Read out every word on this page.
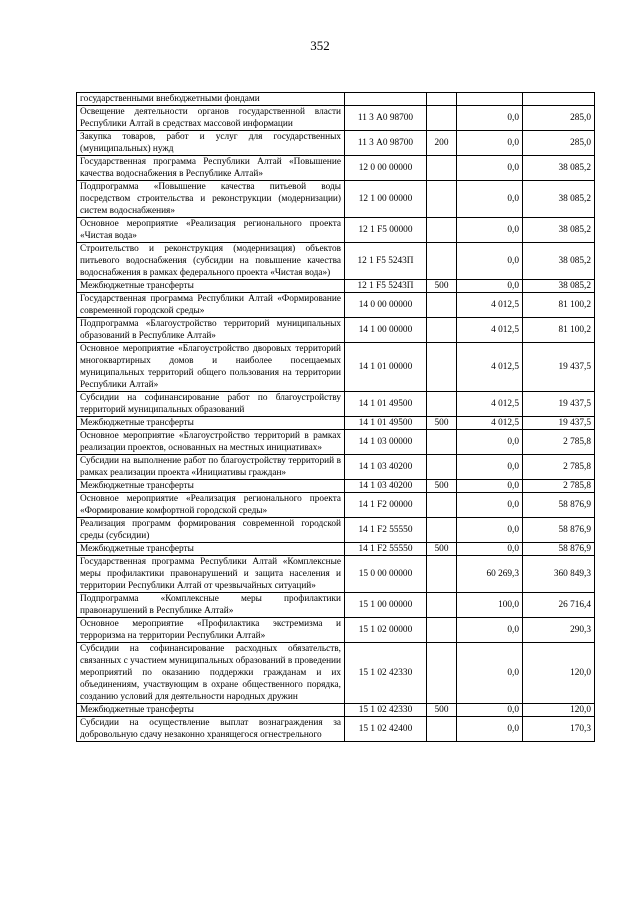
352
государственными внебюджетными фондами				
Освещение деятельности органов государственной власти Республики Алтай в средствах массовой информации	11 3 А0 98700		0,0	285,0
Закупка товаров, работ и услуг для государственных (муниципальных) нужд	11 3 А0 98700	200	0,0	285,0
Государственная программа Республики Алтай «Повышение качества водоснабжения в Республике Алтай»	12 0 00 00000		0,0	38 085,2
Подпрограмма «Повышение качества питьевой воды посредством строительства и реконструкции (модернизации) систем водоснабжения»	12 1 00 00000		0,0	38 085,2
Основное мероприятие «Реализация регионального проекта «Чистая вода»	12 1 F5 00000		0,0	38 085,2
Строительство и реконструкция (модернизация) объектов питьевого водоснабжения (субсидии на повышение качества водоснабжения в рамках федерального проекта «Чистая вода»)	12 1 F5 5243П		0,0	38 085,2
Межбюджетные трансферты	12 1 F5 5243П	500	0,0	38 085,2
Государственная программа Республики Алтай «Формирование современной городской среды»	14 0 00 00000		4 012,5	81 100,2
Подпрограмма «Благоустройство территорий муниципальных образований в Республике Алтай»	14 1 00 00000		4 012,5	81 100,2
Основное мероприятие «Благоустройство дворовых территорий многоквартирных домов и наиболее посещаемых муниципальных территорий общего пользования на территории Республики Алтай»	14 1 01 00000		4 012,5	19 437,5
Субсидии на софинансирование работ по благоустройству территорий муниципальных образований	14 1 01 49500		4 012,5	19 437,5
Межбюджетные трансферты	14 1 01 49500	500	4 012,5	19 437,5
Основное мероприятие «Благоустройство территорий в рамках реализации проектов, основанных на местных инициативах»	14 1 03 00000		0,0	2 785,8
Субсидии на выполнение работ по благоустройству территорий в рамках реализации проекта «Инициативы граждан»	14 1 03 40200		0,0	2 785,8
Межбюджетные трансферты	14 1 03 40200	500	0,0	2 785,8
Основное мероприятие «Реализация регионального проекта «Формирование комфортной городской среды»	14 1 F2 00000		0,0	58 876,9
Реализация программ формирования современной городской среды (субсидии)	14 1 F2 55550		0,0	58 876,9
Межбюджетные трансферты	14 1 F2 55550	500	0,0	58 876,9
Государственная программа Республики Алтай «Комплексные меры профилактики правонарушений и защита населения и территории Республики Алтай от чрезвычайных ситуаций»	15 0 00 00000		60 269,3	360 849,3
Подпрограмма «Комплексные меры профилактики правонарушений в Республике Алтай»	15 1 00 00000		100,0	26 716,4
Основное мероприятие «Профилактика экстремизма и терроризма на территории Республики Алтай»	15 1 02 00000		0,0	290,3
Субсидии на софинансирование расходных обязательств, связанных с участием муниципальных образований в проведении мероприятий по оказанию поддержки гражданам и их объединениям, участвующим в охране общественного порядка, созданию условий для деятельности народных дружин	15 1 02 42330		0,0	120,0
Межбюджетные трансферты	15 1 02 42330	500	0,0	120,0
Субсидии на осуществление выплат вознаграждения за добровольную сдачу незаконно хранящегося огнестрельного	15 1 02 42400		0,0	170,3
